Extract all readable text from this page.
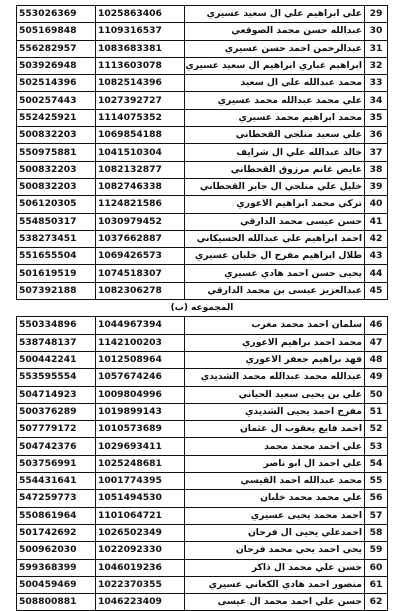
553026369	1025863406	علي ابراهيم علي ال سعيد عسيري	29
505169848	1109316537	عبدالله حسن محمد الصوقعي	30
556282957	1083683381	عبدالرحمن احمد حسن عسيري	31
503926948	1113603078	ابراهيم غباري ابراهيم ال سعيد عسيري	32
502514396	1082514396	محمد عبدالله علي ال سعيد	33
500257443	1027392727	علي محمد عبدالله محمد عسيري	34
552425921	1114075352	محمد ابراهيم محمد عسيري	35
500832203	1069854188	علي سعيد منلحي القحطاني	36
550975881	1041510304	خالد عبدالله علي ال شرايف	37
500832203	1082132877	عايض غانم مرزوق القحطاني	38
500832203	1082746338	خليل علي منلحي ال جابر القحطاني	39
506120305	1124821586	تركي محمد ابراهيم الاعوري	40
554850317	1030979452	حسن عيسى محمد الدارقي	41
538273451	1037662887	احمد ابراهيم علي عبدالله الحسيكاني	42
551655504	1069426573	طلال ابراهيم مفرح ال خلبان عسيري	43
501619519	1074518307	يحيى حسن احمد هادي عسيري	44
507392188	1082306278	عبدالعزيز عيسى بن محمد الدارقي	45
المجموعه (ب)			
550334896	1044967394	سلمان احمد محمد مغرب	46
538748137	1142100203	محمد احمد براهيم الاعوري	47
500442241	1012508964	فهد براهيم جعفر الاعوري	48
553595554	1057674246	عبدالله محمد عبدالله محمد الشديدي	49
504714923	1009804996	علي بن يحيى سعيد الحياني	50
500376289	1019899143	مفرح احمد يحيى الشديدي	51
507779172	1010573689	احمد فايع يعقوب ال عثمان	52
504742376	1029693411	علي احمد محمد محمد	53
503756991	1025248681	علي احمد ال ابو ناصر	54
554431641	1001774395	محمد عبدالله احمد القيسي	55
547259773	1051494530	علي محمد محمد خلبان	56
550861964	1101064721	احمد محمد يحيى عسيري	57
501742692	1026502349	احمدعلي يحيى ال فرحان	58
500962030	1022092330	يحي احمد يحي محمد فرحان	59
599368399	1046019236	حسن علي محمد ال ذاكر	60
500459469	1022370355	منصور احمد هادي الكعاني عسيري	61
508800881	1046223409	حسن علي احمد محمد ال عيسى	62
